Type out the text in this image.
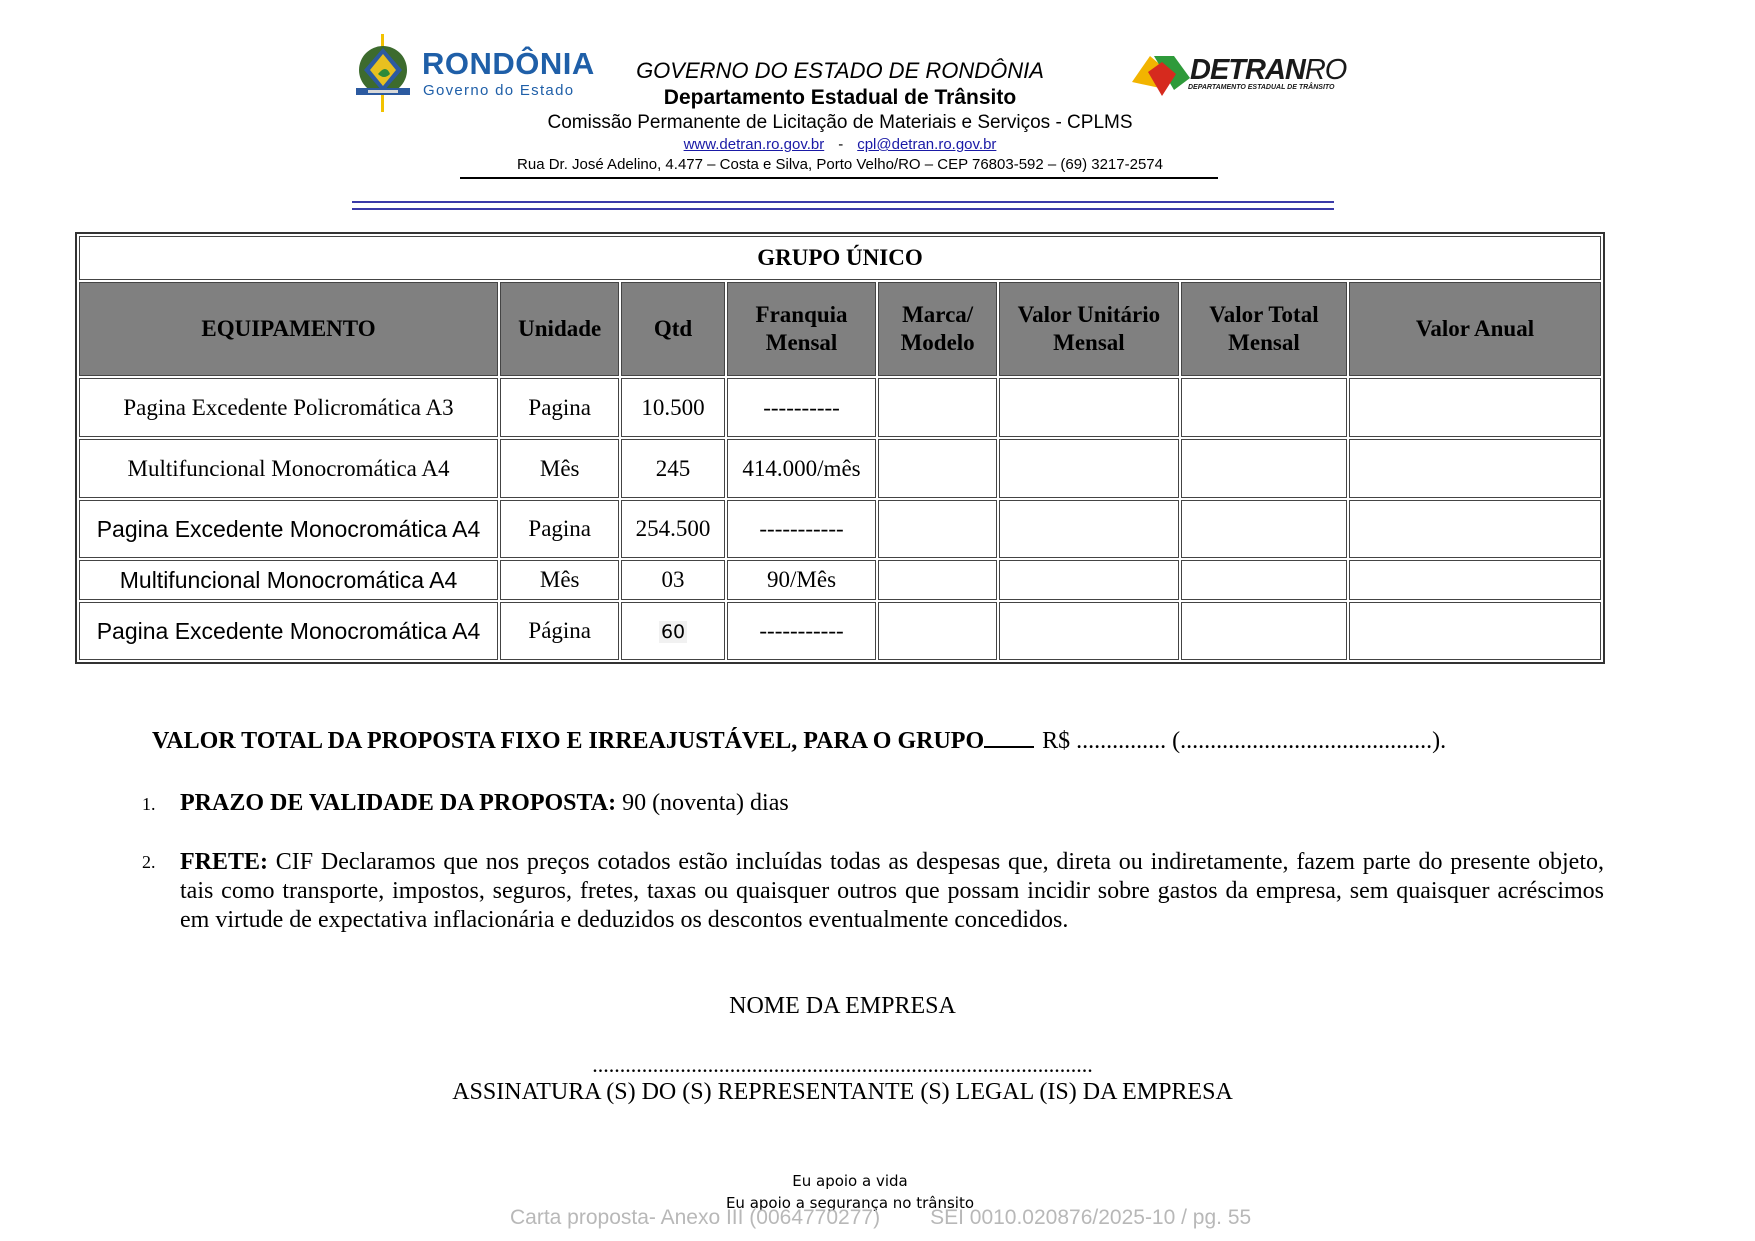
RONDÔNIA
Governo do Estado
GOVERNO DO ESTADO DE RONDÔNIA
Departamento Estadual de Trânsito
Comissão Permanente de Licitação de Materiais e Serviços - CPLMS
www.detran.ro.gov.br - cpl@detran.ro.gov.br
Rua Dr. José Adelino, 4.477 – Costa e Silva, Porto Velho/RO – CEP 76803-592 – (69) 3217-2574
DETRANRO
DEPARTAMENTO ESTADUAL DE TRÂNSITO
GRUPO ÚNICO							
EQUIPAMENTO	Unidade	Qtd	Franquia Mensal	Marca/ Modelo	Valor Unitário Mensal	Valor Total Mensal	Valor Anual
Pagina Excedente Policromática A3	Pagina	10.500	----------				
Multifuncional Monocromática A4	Mês	245	414.000/mês				
Pagina Excedente Monocromática A4	Pagina	254.500	-----------				
Multifuncional Monocromática A4	Mês	03	90/Mês				
Pagina Excedente Monocromática A4	Página	60	-----------				
VALOR TOTAL DA PROPOSTA FIXO E IRREAJUSTÁVEL, PARA O GRUPO R$ ............... (..........................................).
1. PRAZO DE VALIDADE DA PROPOSTA: 90 (noventa) dias
2. FRETE: CIF Declaramos que nos preços cotados estão incluídas todas as despesas que, direta ou indiretamente, fazem parte do presente objeto, tais como transporte, impostos, seguros, fretes, taxas ou quaisquer outros que possam incidir sobre gastos da empresa, sem quaisquer acréscimos em virtude de expectativa inflacionária e deduzidos os descontos eventualmente concedidos.
NOME DA EMPRESA
...........................................................................................
ASSINATURA (S) DO (S) REPRESENTANTE (S) LEGAL (IS) DA EMPRESA
Eu apoio a vida
Eu apoio a segurança no trânsito
Carta proposta- Anexo III (0064770277) SEI 0010.020876/2025-10 / pg. 55
